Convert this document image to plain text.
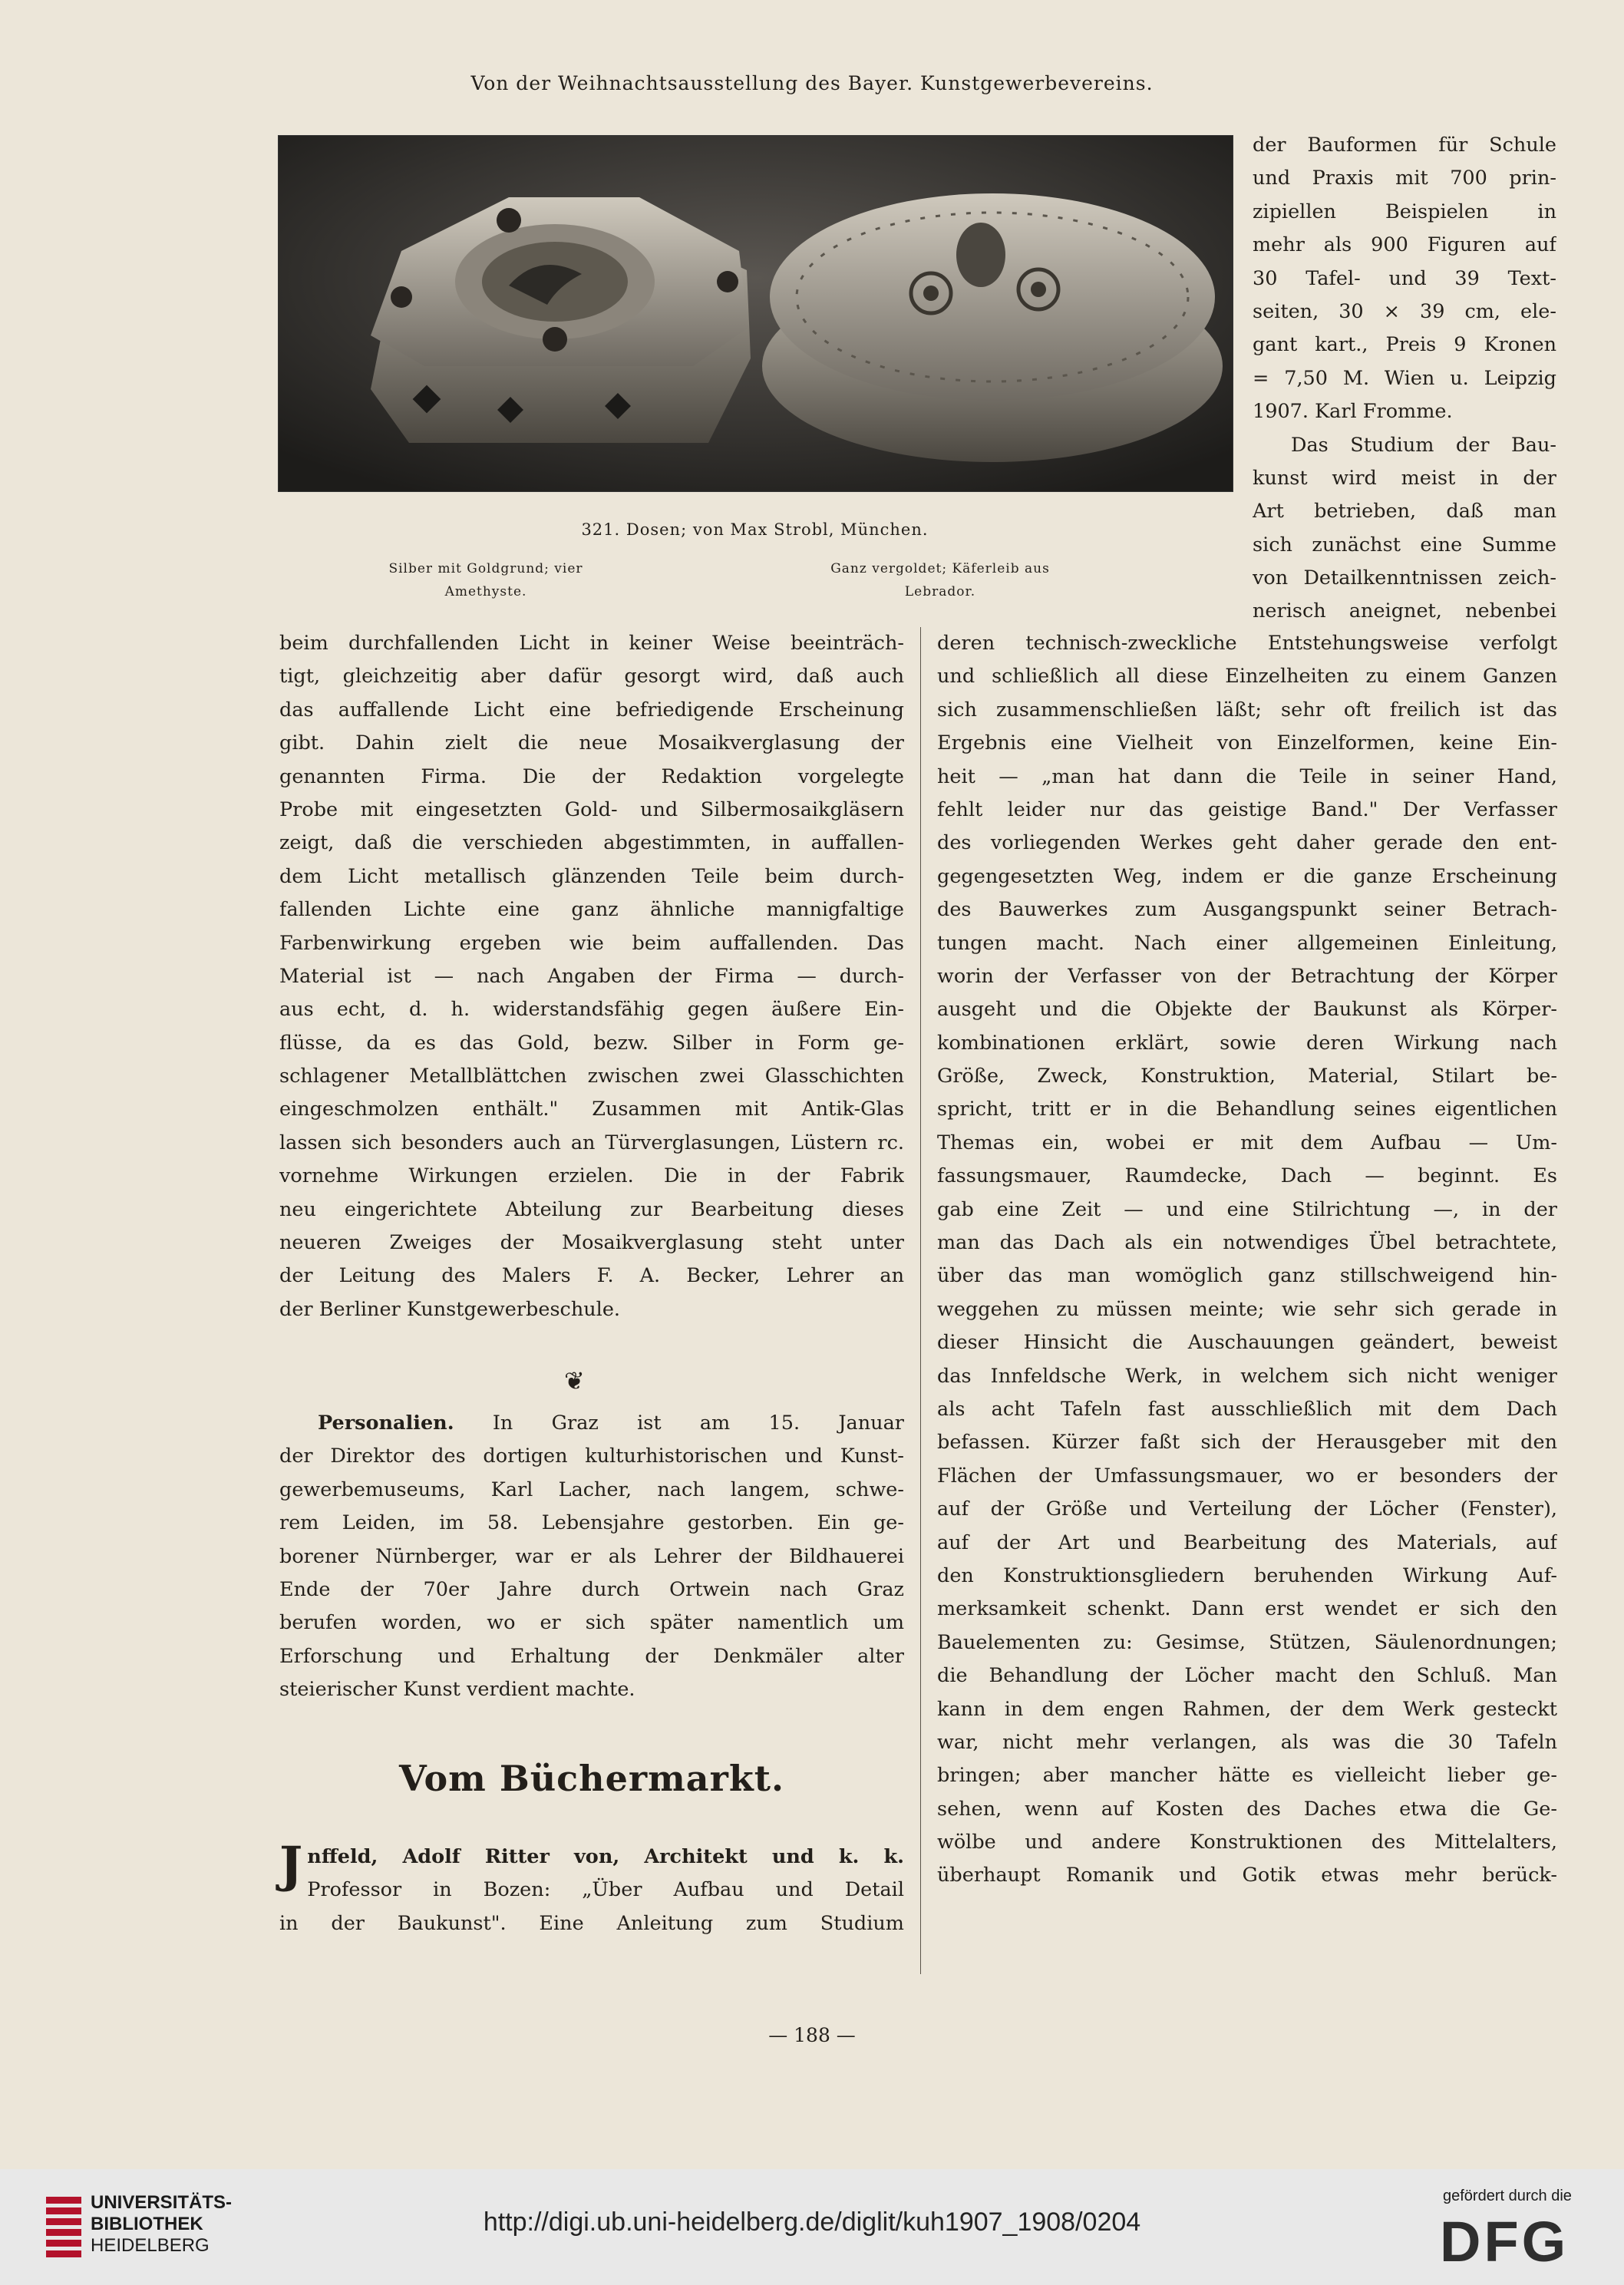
Von der Weihnachtsausstellung des Bayer. Kunstgewerbevereins.
321. Dosen; von Max Strobl, München.
Silber mit Goldgrund; vier
Amethyste.
Ganz vergoldet; Käferleib aus
Lebrador.
der Bauformen für Schule
und Praxis mit 700 prin-
zipiellen Beispielen in
mehr als 900 Figuren auf
30 Tafel- und 39 Text-
seiten, 30 × 39 cm, ele-
gant kart., Preis 9 Kronen
= 7,50 M. Wien u. Leipzig
1907. Karl Fromme.
Das Studium der Bau-
kunst wird meist in der
Art betrieben, daß man
sich zunächst eine Summe
von Detailkenntnissen zeich-
nerisch aneignet, nebenbei
beim durchfallenden Licht in keiner Weise beeinträch-
tigt, gleichzeitig aber dafür gesorgt wird, daß auch
das auffallende Licht eine befriedigende Erscheinung
gibt. Dahin zielt die neue Mosaikverglasung der
genannten Firma. Die der Redaktion vorgelegte
Probe mit eingesetzten Gold- und Silbermosaikgläsern
zeigt, daß die verschieden abgestimmten, in auffallen-
dem Licht metallisch glänzenden Teile beim durch-
fallenden Lichte eine ganz ähnliche mannigfaltige
Farbenwirkung ergeben wie beim auffallenden. Das
Material ist — nach Angaben der Firma — durch-
aus echt, d. h. widerstandsfähig gegen äußere Ein-
flüsse, da es das Gold, bezw. Silber in Form ge-
schlagener Metallblättchen zwischen zwei Glasschichten
eingeschmolzen enthält." Zusammen mit Antik-Glas
lassen sich besonders auch an Türverglasungen, Lüstern rc.
vornehme Wirkungen erzielen. Die in der Fabrik
neu eingerichtete Abteilung zur Bearbeitung dieses
neueren Zweiges der Mosaikverglasung steht unter
der Leitung des Malers F. A. Becker, Lehrer an
der Berliner Kunstgewerbeschule.
❦
Personalien. In Graz ist am 15. Januar
der Direktor des dortigen kulturhistorischen und Kunst-
gewerbemuseums, Karl Lacher, nach langem, schwe-
rem Leiden, im 58. Lebensjahre gestorben. Ein ge-
borener Nürnberger, war er als Lehrer der Bildhauerei
Ende der 70er Jahre durch Ortwein nach Graz
berufen worden, wo er sich später namentlich um
Erforschung und Erhaltung der Denkmäler alter
steierischer Kunst verdient machte.
Vom Büchermarkt.
J nffeld, Adolf Ritter von, Architekt und k. k.
Professor in Bozen: „Über Aufbau und Detail
in der Baukunst". Eine Anleitung zum Studium
deren technisch-zweckliche Entstehungsweise verfolgt
und schließlich all diese Einzelheiten zu einem Ganzen
sich zusammenschließen läßt; sehr oft freilich ist das
Ergebnis eine Vielheit von Einzelformen, keine Ein-
heit — „man hat dann die Teile in seiner Hand,
fehlt leider nur das geistige Band." Der Verfasser
des vorliegenden Werkes geht daher gerade den ent-
gegengesetzten Weg, indem er die ganze Erscheinung
des Bauwerkes zum Ausgangspunkt seiner Betrach-
tungen macht. Nach einer allgemeinen Einleitung,
worin der Verfasser von der Betrachtung der Körper
ausgeht und die Objekte der Baukunst als Körper-
kombinationen erklärt, sowie deren Wirkung nach
Größe, Zweck, Konstruktion, Material, Stilart be-
spricht, tritt er in die Behandlung seines eigentlichen
Themas ein, wobei er mit dem Aufbau — Um-
fassungsmauer, Raumdecke, Dach — beginnt. Es
gab eine Zeit — und eine Stilrichtung —, in der
man das Dach als ein notwendiges Übel betrachtete,
über das man womöglich ganz stillschweigend hin-
weggehen zu müssen meinte; wie sehr sich gerade in
dieser Hinsicht die Auschauungen geändert, beweist
das Innfeldsche Werk, in welchem sich nicht weniger
als acht Tafeln fast ausschließlich mit dem Dach
befassen. Kürzer faßt sich der Herausgeber mit den
Flächen der Umfassungsmauer, wo er besonders der
auf der Größe und Verteilung der Löcher (Fenster),
auf der Art und Bearbeitung des Materials, auf
den Konstruktionsgliedern beruhenden Wirkung Auf-
merksamkeit schenkt. Dann erst wendet er sich den
Bauelementen zu: Gesimse, Stützen, Säulenordnungen;
die Behandlung der Löcher macht den Schluß. Man
kann in dem engen Rahmen, der dem Werk gesteckt
war, nicht mehr verlangen, als was die 30 Tafeln
bringen; aber mancher hätte es vielleicht lieber ge-
sehen, wenn auf Kosten des Daches etwa die Ge-
wölbe und andere Konstruktionen des Mittelalters,
überhaupt Romanik und Gotik etwas mehr berück-
— 188 —
UNIVERSITÄTS-
BIBLIOTHEK
HEIDELBERG
http://digi.ub.uni-heidelberg.de/diglit/kuh1907_1908/0204
gefördert durch die
DFG
